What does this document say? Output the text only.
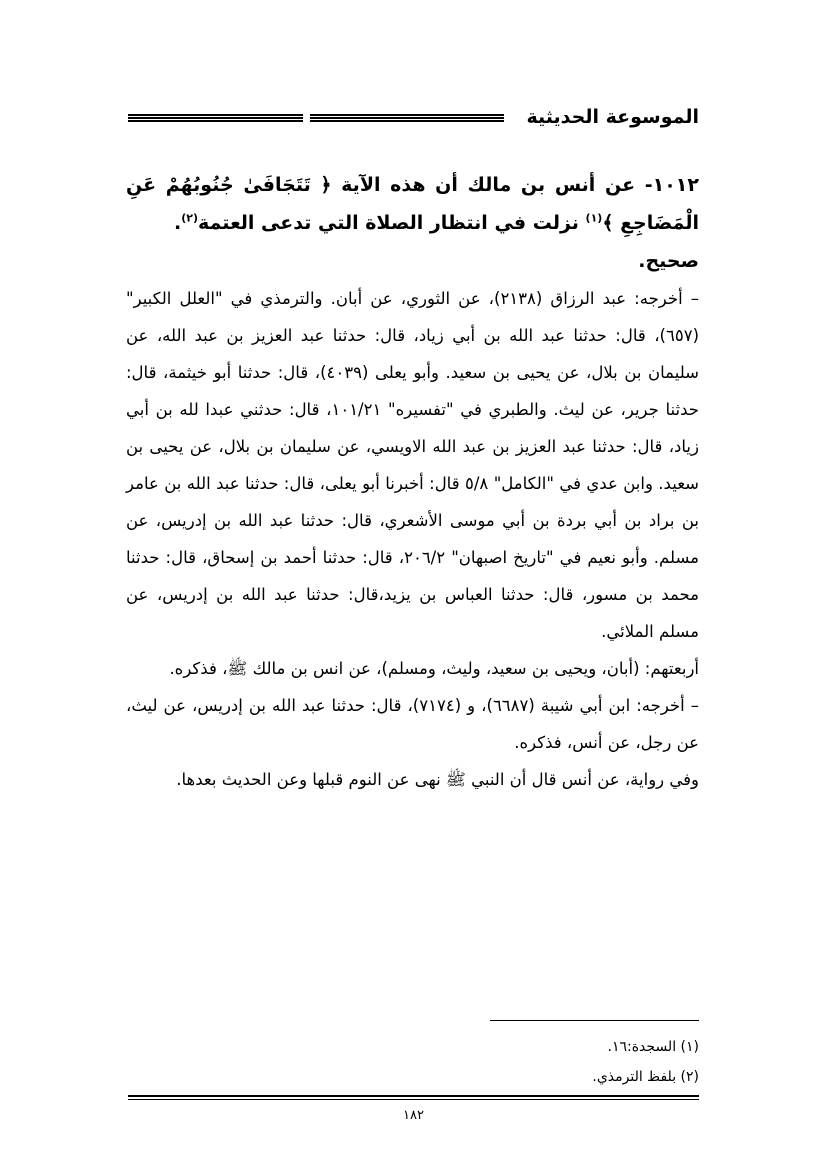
الموسوعة الحديثية

١٠١٢- عن أنس بن مالك أن هذه الآية ﴿ تَتَجَافَىٰ جُنُوبُهُمْ عَنِ الْمَضَاجِعِ ﴾$^{(١)}$ نزلت في انتظار الصلاة التي تدعى العتمة$^{(٢)}$.

صحيح.

– أخرجه: عبد الرزاق (٢١٣٨)، عن الثوري، عن أبان. والترمذي في "العلل الكبير" (٦٥٧)، قال: حدثنا عبد الله بن أبي زياد، قال: حدثنا عبد العزيز بن عبد الله، عن سليمان بن بلال، عن يحيى بن سعيد. وأبو يعلى (٤٠٣٩)، قال: حدثنا أبو خيثمة، قال: حدثنا جرير، عن ليث. والطبري في "تفسيره" ١٠١/٢١، قال: حدثني عبدا لله بن أبي زياد، قال: حدثنا عبد العزيز بن عبد الله الاويسي، عن سليمان بن بلال، عن يحيى بن سعيد. وابن عدي في "الكامل" ٥/٨ قال: أخبرنا أبو يعلى، قال: حدثنا عبد الله بن عامر بن براد بن أبي بردة بن أبي موسى الأشعري، قال: حدثنا عبد الله بن إدريس، عن مسلم. وأبو نعيم في "تاريخ اصبهان" ٢٠٦/٢، قال: حدثنا أحمد بن إسحاق، قال: حدثنا محمد بن مسور، قال: حدثنا العباس بن يزيد،قال: حدثنا عبد الله بن إدريس، عن مسلم الملائي.

أربعتهم: (أبان، ويحيى بن سعيد، وليث، ومسلم)، عن انس بن مالك ﷺ، فذكره.

– أخرجه: ابن أبي شيبة (٦٦٨٧)، و (٧١٧٤)، قال: حدثنا عبد الله بن إدريس، عن ليث، عن رجل، عن أنس، فذكره.

وفي رواية، عن أنس قال أن النبي ﷺ نهى عن النوم قبلها وعن الحديث بعدها.

(١) السجدة:١٦.
(٢) بلفظ الترمذي.
١٨٢
